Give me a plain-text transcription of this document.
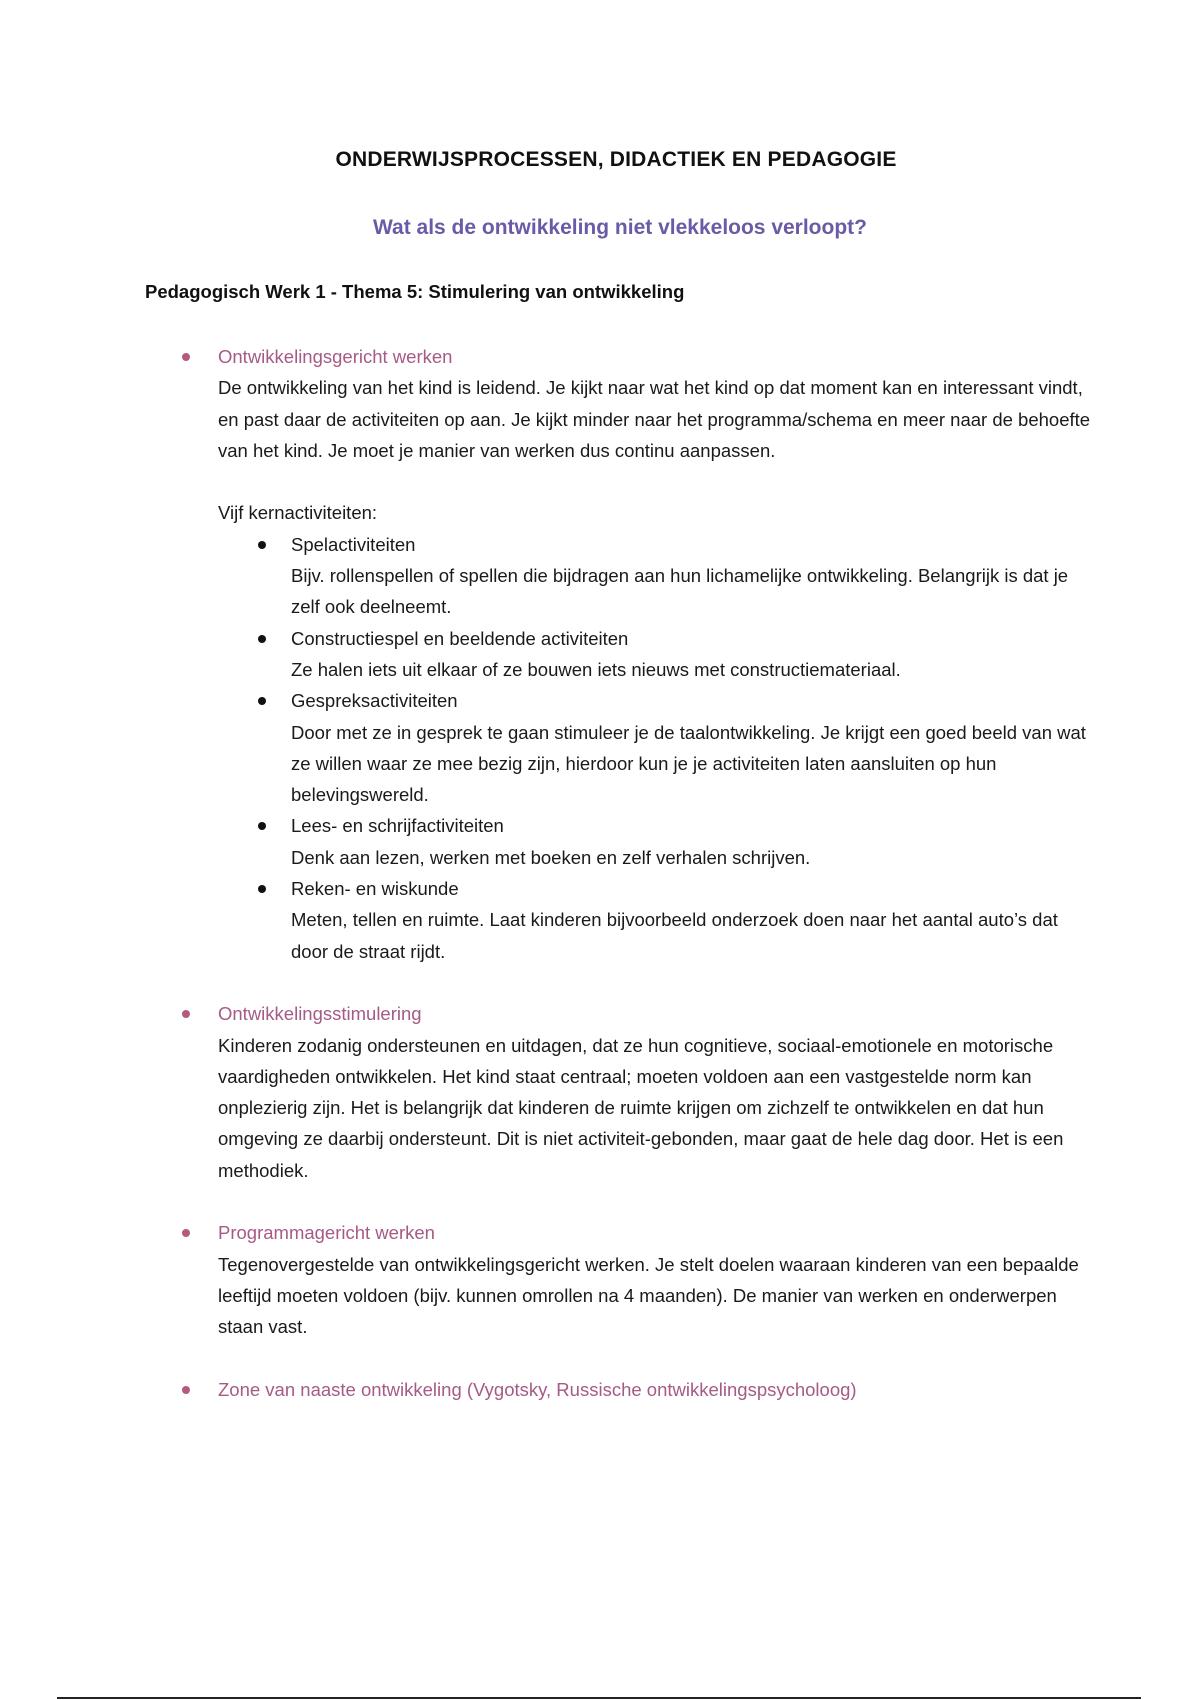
ONDERWIJSPROCESSEN, DIDACTIEK EN PEDAGOGIE
Wat als de ontwikkeling niet vlekkeloos verloopt?
Pedagogisch Werk 1 - Thema 5: Stimulering van ontwikkeling
Ontwikkelingsgericht werken
De ontwikkeling van het kind is leidend. Je kijkt naar wat het kind op dat moment kan en interessant vindt, en past daar de activiteiten op aan. Je kijkt minder naar het programma/schema en meer naar de behoefte van het kind. Je moet je manier van werken dus continu aanpassen.
Vijf kernactiviteiten:
Spelactiviteiten
Bijv. rollenspellen of spellen die bijdragen aan hun lichamelijke ontwikkeling. Belangrijk is dat je zelf ook deelneemt.
Constructiespel en beeldende activiteiten
Ze halen iets uit elkaar of ze bouwen iets nieuws met constructiemateriaal.
Gespreksactiviteiten
Door met ze in gesprek te gaan stimuleer je de taalontwikkeling. Je krijgt een goed beeld van wat ze willen waar ze mee bezig zijn, hierdoor kun je je activiteiten laten aansluiten op hun belevingswereld.
Lees- en schrijfactiviteiten
Denk aan lezen, werken met boeken en zelf verhalen schrijven.
Reken- en wiskunde
Meten, tellen en ruimte. Laat kinderen bijvoorbeeld onderzoek doen naar het aantal auto’s dat door de straat rijdt.
Ontwikkelingsstimulering
Kinderen zodanig ondersteunen en uitdagen, dat ze hun cognitieve, sociaal-emotionele en motorische vaardigheden ontwikkelen. Het kind staat centraal; moeten voldoen aan een vastgestelde norm kan onplezierig zijn. Het is belangrijk dat kinderen de ruimte krijgen om zichzelf te ontwikkelen en dat hun omgeving ze daarbij ondersteunt. Dit is niet activiteit-gebonden, maar gaat de hele dag door. Het is een methodiek.
Programmagericht werken
Tegenovergestelde van ontwikkelingsgericht werken. Je stelt doelen waaraan kinderen van een bepaalde leeftijd moeten voldoen (bijv. kunnen omrollen na 4 maanden). De manier van werken en onderwerpen staan vast.
Zone van naaste ontwikkeling (Vygotsky, Russische ontwikkelingspsycholoog)
